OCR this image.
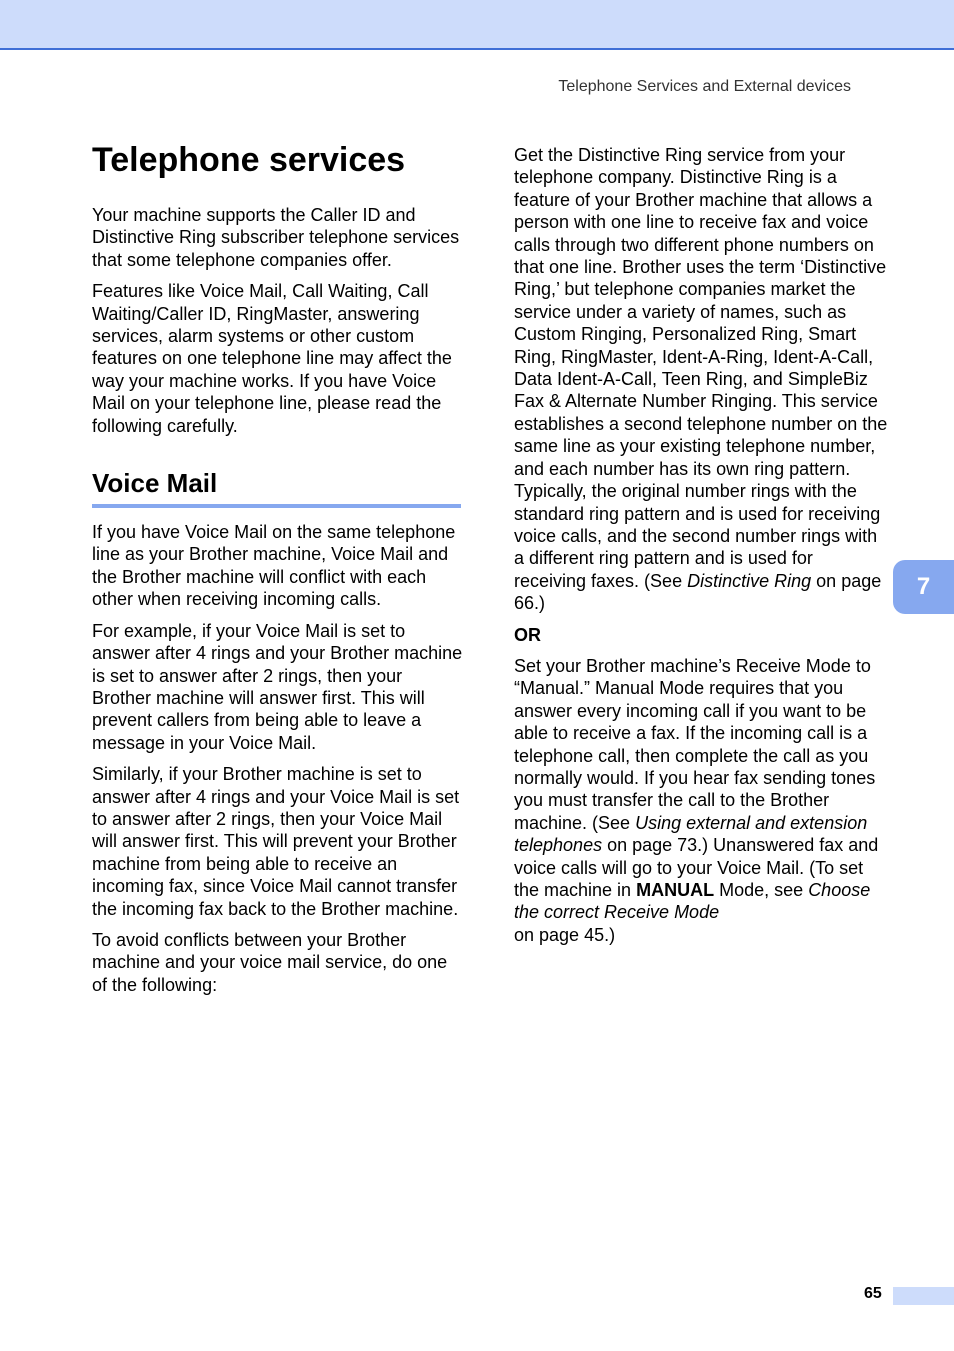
Telephone Services and External devices
Telephone services

Your machine supports the Caller ID and Distinctive Ring subscriber telephone services that some telephone companies offer.

Features like Voice Mail, Call Waiting, Call Waiting/Caller ID, RingMaster, answering services, alarm systems or other custom features on one telephone line may affect the way your machine works. If you have Voice Mail on your telephone line, please read the following carefully.

Voice Mail

If you have Voice Mail on the same telephone line as your Brother machine, Voice Mail and the Brother machine will conflict with each other when receiving incoming calls.

For example, if your Voice Mail is set to answer after 4 rings and your Brother machine is set to answer after 2 rings, then your Brother machine will answer first. This will prevent callers from being able to leave a message in your Voice Mail.

Similarly, if your Brother machine is set to answer after 4 rings and your Voice Mail is set to answer after 2 rings, then your Voice Mail will answer first. This will prevent your Brother machine from being able to receive an incoming fax, since Voice Mail cannot transfer the incoming fax back to the Brother machine.

To avoid conflicts between your Brother machine and your voice mail service, do one of the following:

Get the Distinctive Ring service from your telephone company. Distinctive Ring is a feature of your Brother machine that allows a person with one line to receive fax and voice calls through two different phone numbers on that one line. Brother uses the term ‘Distinctive Ring,’ but telephone companies market the service under a variety of names, such as Custom Ringing, Personalized Ring, Smart Ring, RingMaster, Ident-A-Ring, Ident-A-Call, Data Ident-A-Call, Teen Ring, and SimpleBiz Fax & Alternate Number Ringing. This service establishes a second telephone number on the same line as your existing telephone number, and each number has its own ring pattern. Typically, the original number rings with the standard ring pattern and is used for receiving voice calls, and the second number rings with a different ring pattern and is used for receiving faxes. (See Distinctive Ring on page 66.)

OR

Set your Brother machine’s Receive Mode to “Manual.” Manual Mode requires that you answer every incoming call if you want to be able to receive a fax. If the incoming call is a telephone call, then complete the call as you normally would. If you hear fax sending tones you must transfer the call to the Brother machine. (See Using external and extension telephones on page 73.) Unanswered fax and voice calls will go to your Voice Mail. (To set the machine in MANUAL Mode, see Choose the correct Receive Mode
on page 45.)

7
65
